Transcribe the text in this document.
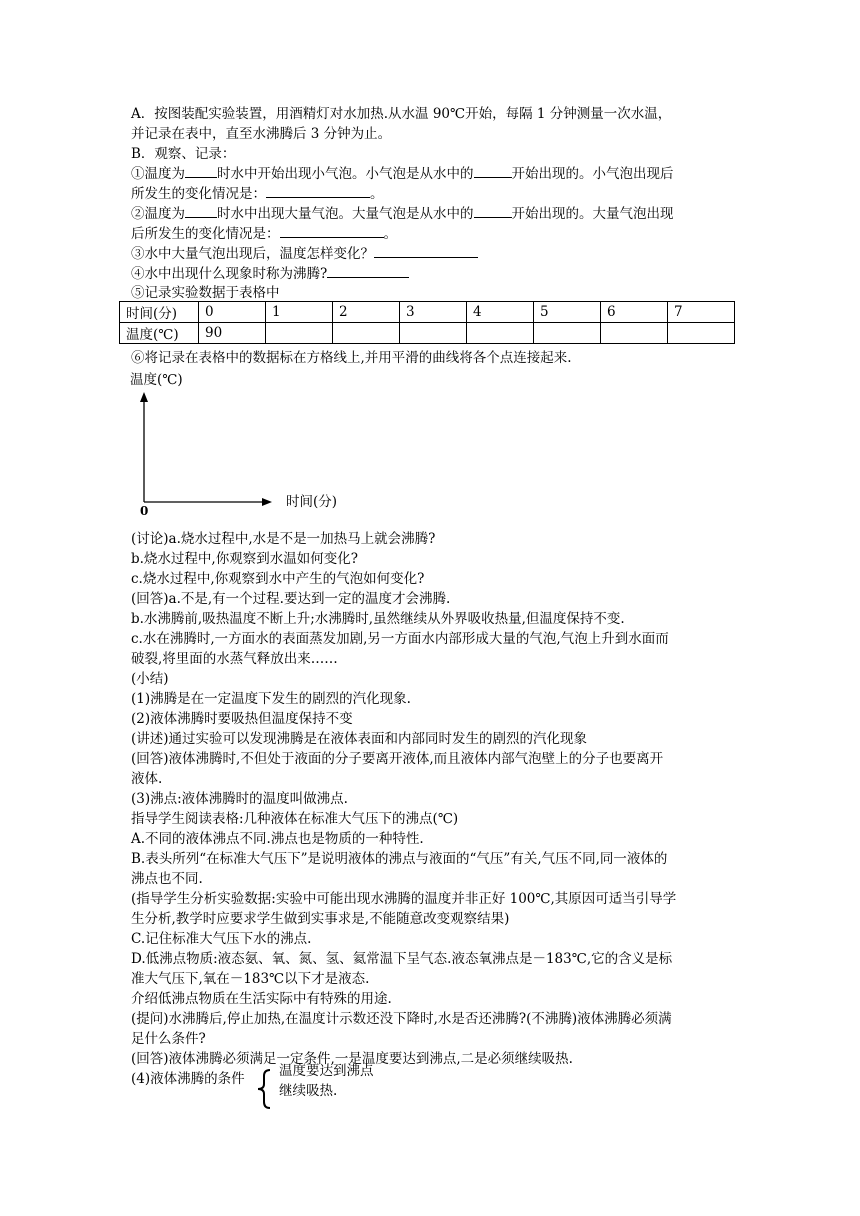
A．按图装配实验装置，用酒精灯对水加热.从水温 90℃开始，每隔 1 分钟测量一次水温，
并记录在表中，直至水沸腾后 3 分钟为止。
B．观察、记录：
①温度为 时水中开始出现小气泡。小气泡是从水中的	开始出现的。小气泡出现后
所发生的变化情况是：	。
②温度为 时水中出现大量气泡。大量气泡是从水中的	开始出现的。大量气泡出现
后所发生的变化情况是：	。
③水中大量气泡出现后，温度怎样变化？
④水中出现什么现象时称为沸腾?
⑤记录实验数据于表格中
时间(分)	0	1	2	3	4	5	6	7
温度(℃)	90							
⑥将记录在表格中的数据标在方格线上,并用平滑的曲线将各个点连接起来.
温度(℃)
0
时间(分)
(讨论)a.烧水过程中,水是不是一加热马上就会沸腾?
b.烧水过程中,你观察到水温如何变化?
c.烧水过程中,你观察到水中产生的气泡如何变化?
(回答)a.不是,有一个过程.要达到一定的温度才会沸腾.
b.水沸腾前,吸热温度不断上升;水沸腾时,虽然继续从外界吸收热量,但温度保持不变.
c.水在沸腾时,一方面水的表面蒸发加剧,另一方面水内部形成大量的气泡,气泡上升到水面而
破裂,将里面的水蒸气释放出来……
(小结)
(1)沸腾是在一定温度下发生的剧烈的汽化现象.
(2)液体沸腾时要吸热但温度保持不变
(讲述)通过实验可以发现沸腾是在液体表面和内部同时发生的剧烈的汽化现象
(回答)液体沸腾时,不但处于液面的分子要离开液体,而且液体内部气泡壁上的分子也要离开
液体.
(3)沸点:液体沸腾时的温度叫做沸点.
指导学生阅读表格:几种液体在标准大气压下的沸点(℃)
A.不同的液体沸点不同.沸点也是物质的一种特性.
B.表头所列“在标准大气压下”是说明液体的沸点与液面的“气压”有关,气压不同,同一液体的
沸点也不同.
(指导学生分析实验数据:实验中可能出现水沸腾的温度并非正好 100℃,其原因可适当引导学
生分析,教学时应要求学生做到实事求是,不能随意改变观察结果)
C.记住标准大气压下水的沸点.
D.低沸点物质:液态氨、氧、氮、氢、氦常温下呈气态.液态氧沸点是－183℃,它的含义是标
准大气压下,氧在－183℃以下才是液态.
介绍低沸点物质在生活实际中有特殊的用途.
(提问)水沸腾后,停止加热,在温度计示数还没下降时,水是否还沸腾?(不沸腾)液体沸腾必须满
足什么条件?
(回答)液体沸腾必须满足一定条件,一是温度要达到沸点,二是必须继续吸热.
(4)液体沸腾的条件	温度要达到沸点
继续吸热.
